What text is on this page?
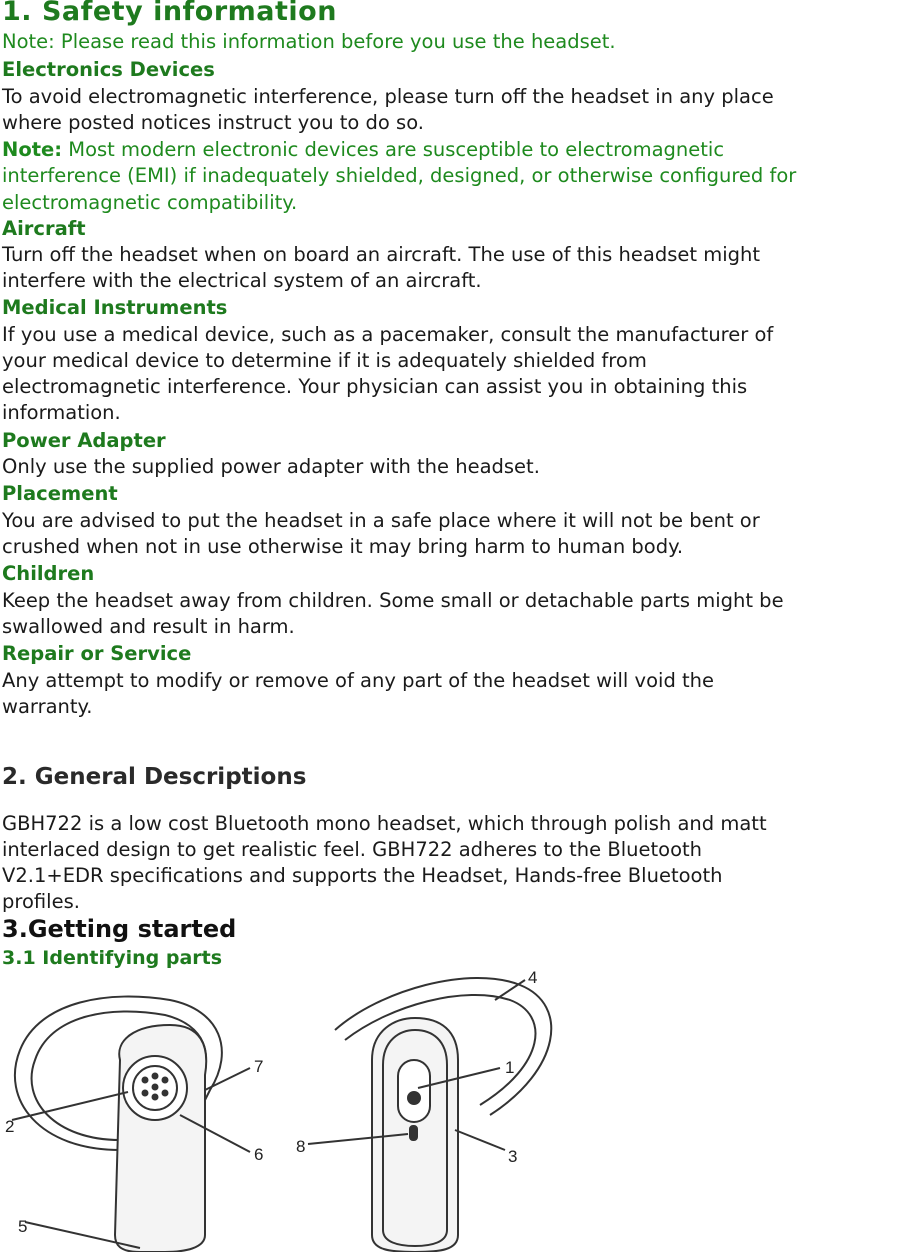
1. Safety information

Note: Please read this information before you use the headset.

Electronics Devices

To avoid electromagnetic interference, please turn off the headset in any place

where posted notices instruct you to do so.

Note: Most modern electronic devices are susceptible to electromagnetic

interference (EMI) if inadequately shielded, designed, or otherwise configured for

electromagnetic compatibility.

Aircraft

Turn off the headset when on board an aircraft. The use of this headset might

interfere with the electrical system of an aircraft.

Medical Instruments

If you use a medical device, such as a pacemaker, consult the manufacturer of

your medical device to determine if it is adequately shielded from

electromagnetic interference. Your physician can assist you in obtaining this

information.

Power Adapter

Only use the supplied power adapter with the headset.

Placement

You are advised to put the headset in a safe place where it will not be bent or

crushed when not in use otherwise it may bring harm to human body.

Children

Keep the headset away from children. Some small or detachable parts might be

swallowed and result in harm.

Repair or Service

Any attempt to modify or remove of any part of the headset will void the

warranty.

2. General Descriptions

GBH722 is a low cost Bluetooth mono headset, which through polish and matt

interlaced design to get realistic feel. GBH722 adheres to the Bluetooth

V2.1+EDR specifications and supports the Headset, Hands-free Bluetooth

profiles.

3.Getting started

3.1 Identifying parts

1
2
3
4
5
6
7
8
